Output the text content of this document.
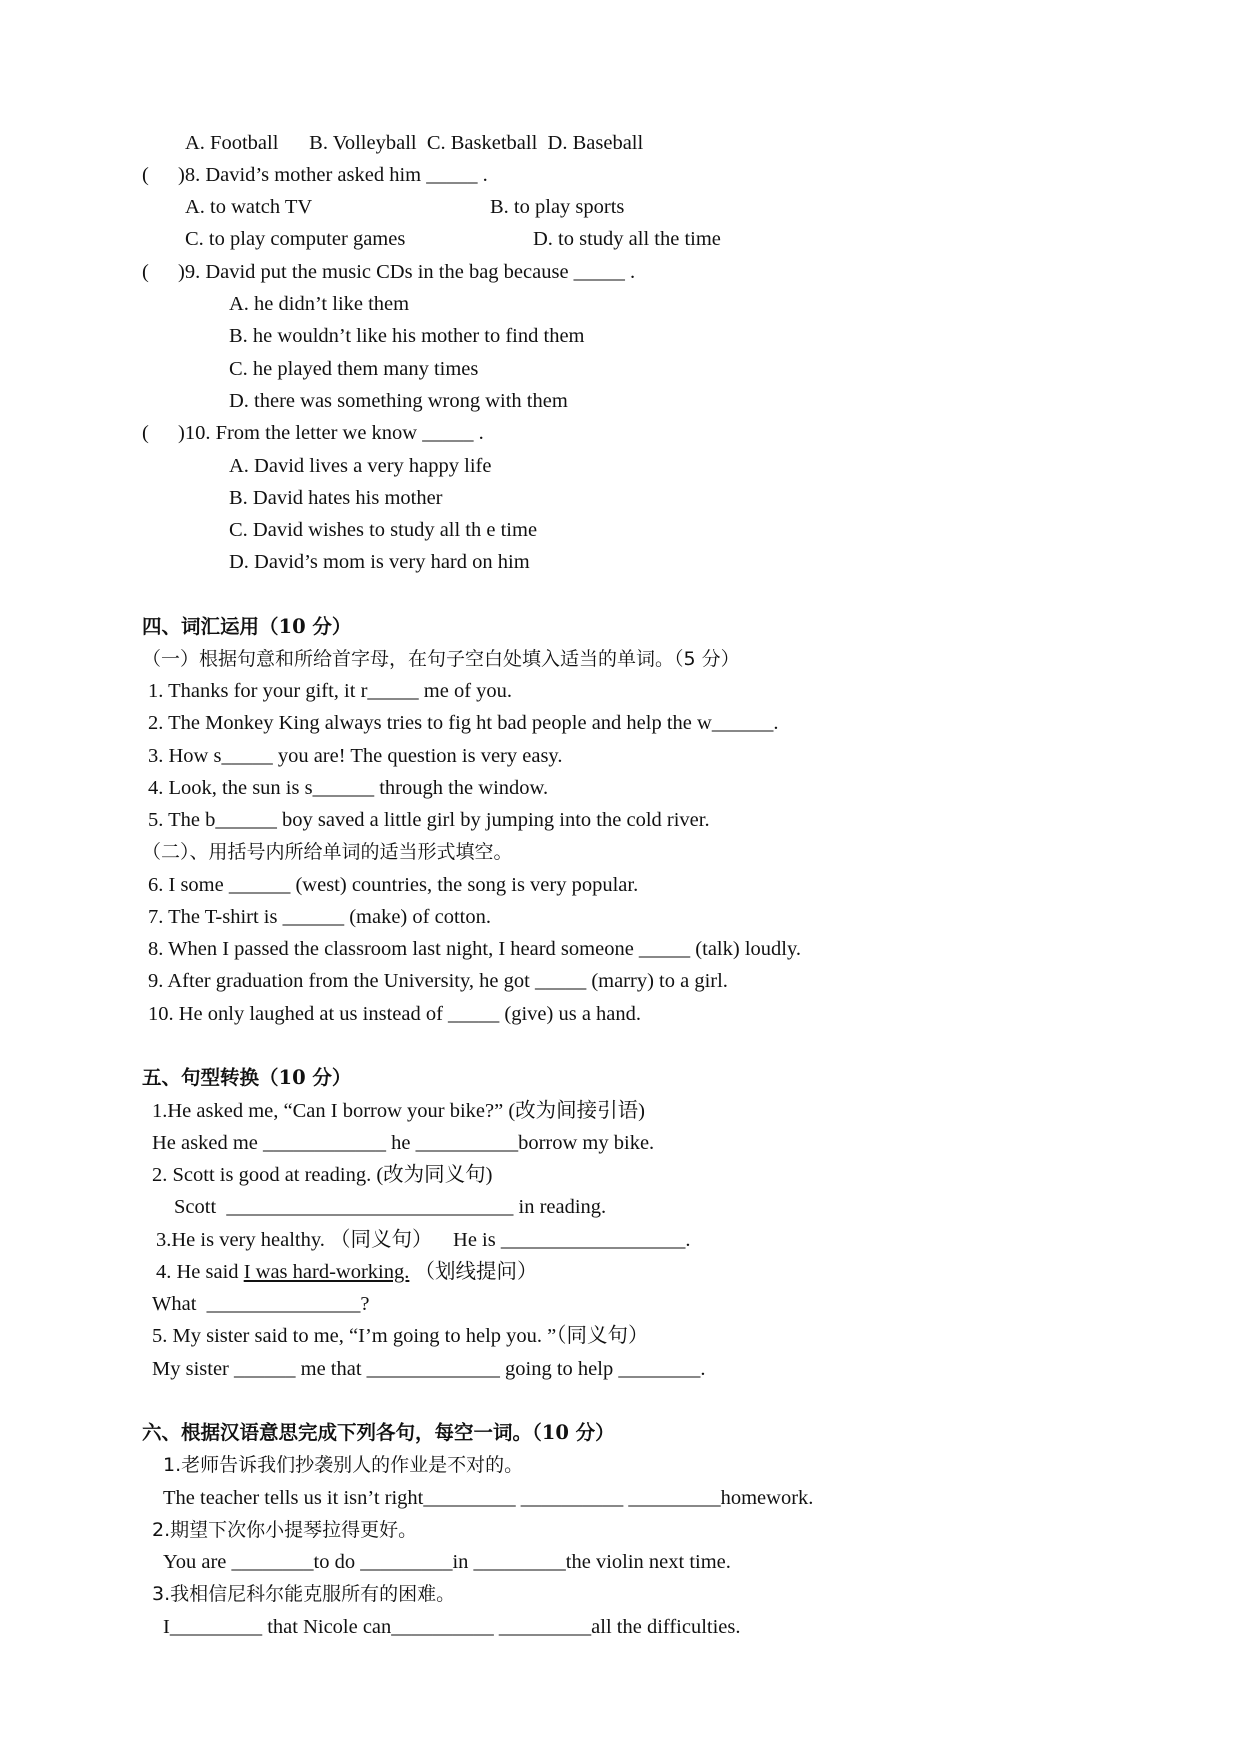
A. Football      B. Volleyball  C. Basketball  D. Baseball
( )8. David’s mother asked him _____ .
A. to watch TV	B. to play sports
C. to play computer games	D. to study all the time
( )9. David put the music CDs in the bag because _____ .
A. he didn’t like them
B. he wouldn’t like his mother to find them
C. he played them many times
D. there was something wrong with them
( )10. From the letter we know _____ .
A. David lives a very happy life
B. David hates his mother
C. David wishes to study all th e time
D. David’s mom is very hard on him
四、词汇运用（10 分）
（一）根据句意和所给首字母，在句子空白处填入适当的单词。（5 分）
1. Thanks for your gift, it r_____ me of you.
2. The Monkey King always tries to fig ht bad people and help the w______.
3. How s_____ you are! The question is very easy.
4. Look, the sun is s______ through the window.
5. The b______ boy saved a little girl by jumping into the cold river.
（二）、用括号内所给单词的适当形式填空。
6. I some ______ (west) countries, the song is very popular.
7. The T-shirt is ______ (make) of cotton.
8. When I passed the classroom last night, I heard someone _____ (talk) loudly.
9. After graduation from the University, he got _____ (marry) to a girl.
10. He only laughed at us instead of _____ (give) us a hand.
五、句型转换（10 分）
1.He asked me, “Can I borrow your bike?” (改为间接引语)
He asked me ____________ he __________borrow my bike.
2. Scott is good at reading. (改为同义句)
Scott  ____________________________ in reading.
3.He is very healthy. （同义句）    He is __________________.
4. He said I was hard-working. （划线提问）
What  _______________?
5. My sister said to me, “I’m going to help you. ”（同义句）
My sister ______ me that _____________ going to help ________.
六、根据汉语意思完成下列各句，每空一词。（10 分）
1.老师告诉我们抄袭别人的作业是不对的。
The teacher tells us it isn’t right_________ __________ _________homework.
2.期望下次你小提琴拉得更好。
You are ________to do _________in _________the violin next time.
3.我相信尼科尔能克服所有的困难。
I_________ that Nicole can__________ _________all the difficulties.
